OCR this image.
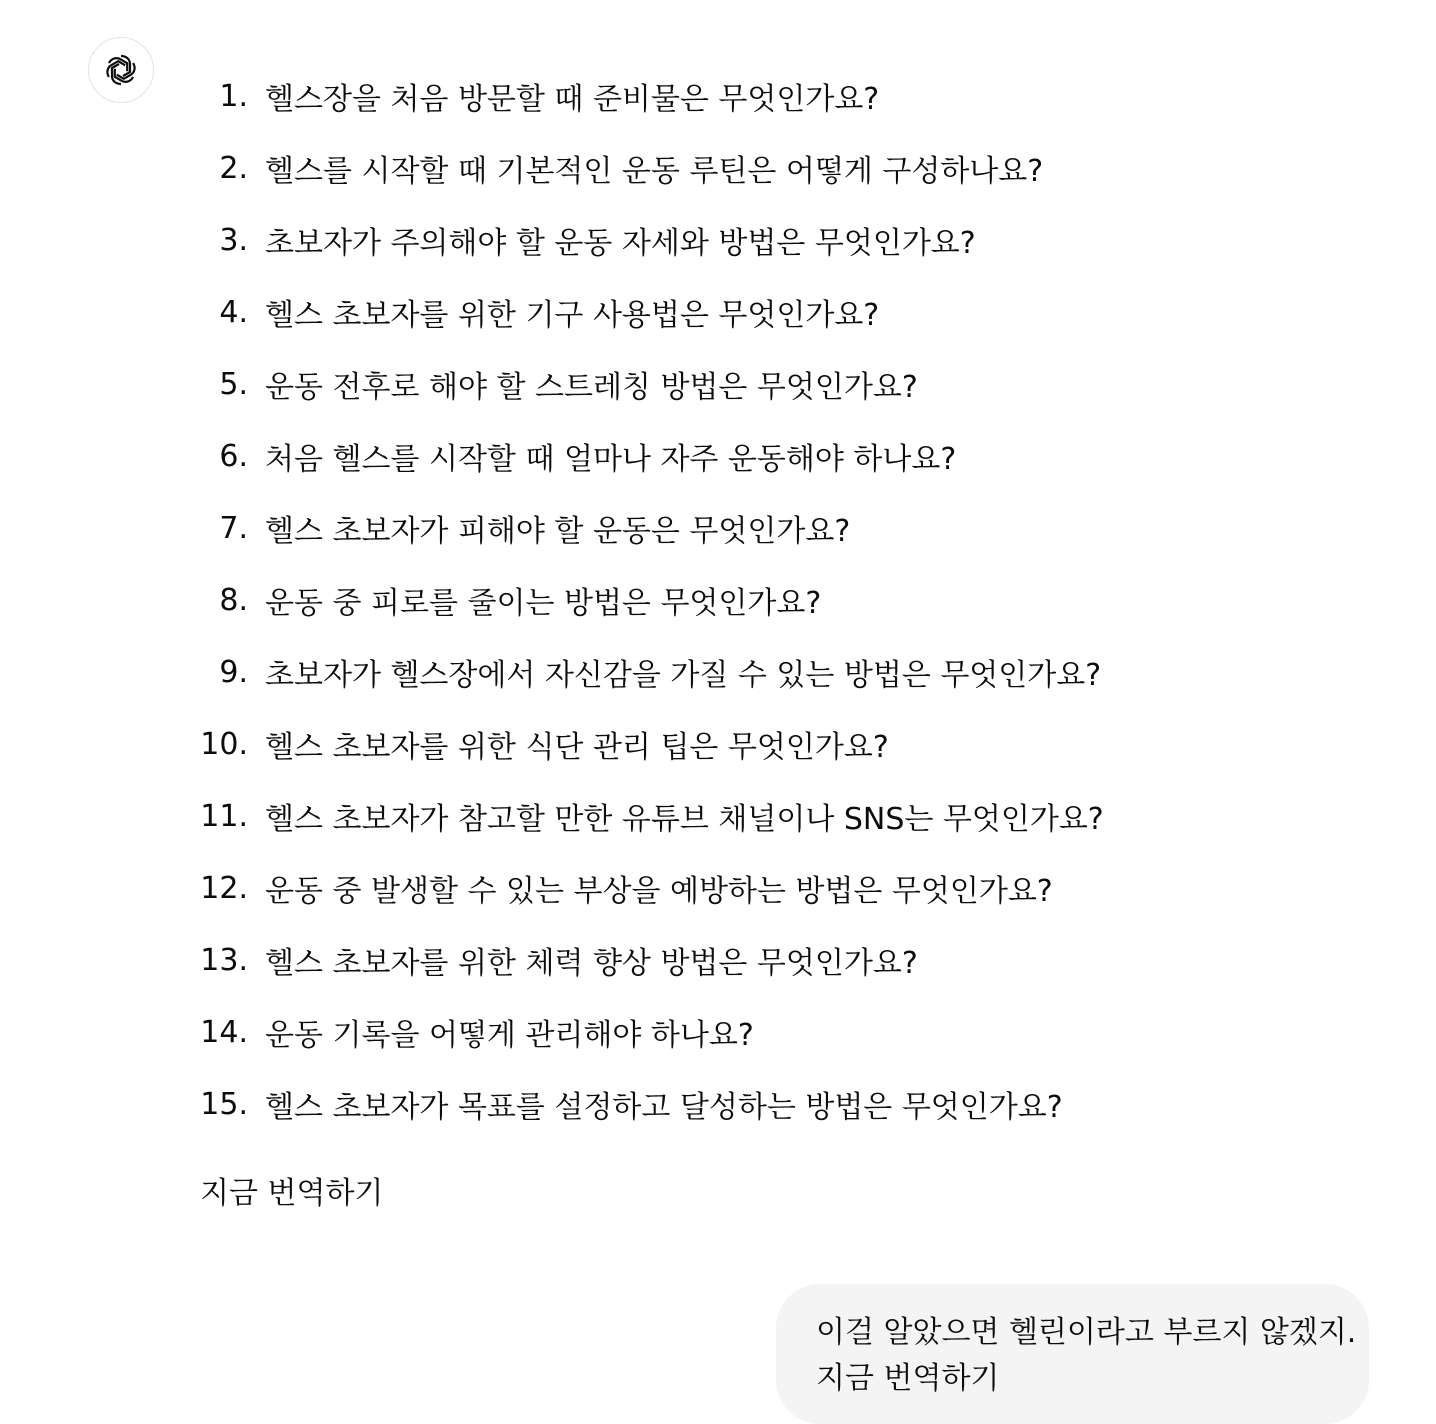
1. 헬스장을 처음 방문할 때 준비물은 무엇인가요?
2. 헬스를 시작할 때 기본적인 운동 루틴은 어떻게 구성하나요?
3. 초보자가 주의해야 할 운동 자세와 방법은 무엇인가요?
4. 헬스 초보자를 위한 기구 사용법은 무엇인가요?
5. 운동 전후로 해야 할 스트레칭 방법은 무엇인가요?
6. 처음 헬스를 시작할 때 얼마나 자주 운동해야 하나요?
7. 헬스 초보자가 피해야 할 운동은 무엇인가요?
8. 운동 중 피로를 줄이는 방법은 무엇인가요?
9. 초보자가 헬스장에서 자신감을 가질 수 있는 방법은 무엇인가요?
10. 헬스 초보자를 위한 식단 관리 팁은 무엇인가요?
11. 헬스 초보자가 참고할 만한 유튜브 채널이나 SNS는 무엇인가요?
12. 운동 중 발생할 수 있는 부상을 예방하는 방법은 무엇인가요?
13. 헬스 초보자를 위한 체력 향상 방법은 무엇인가요?
14. 운동 기록을 어떻게 관리해야 하나요?
15. 헬스 초보자가 목표를 설정하고 달성하는 방법은 무엇인가요?
지금 번역하기
이걸 알았으면 헬린이라고 부르지 않겠지.
지금 번역하기
